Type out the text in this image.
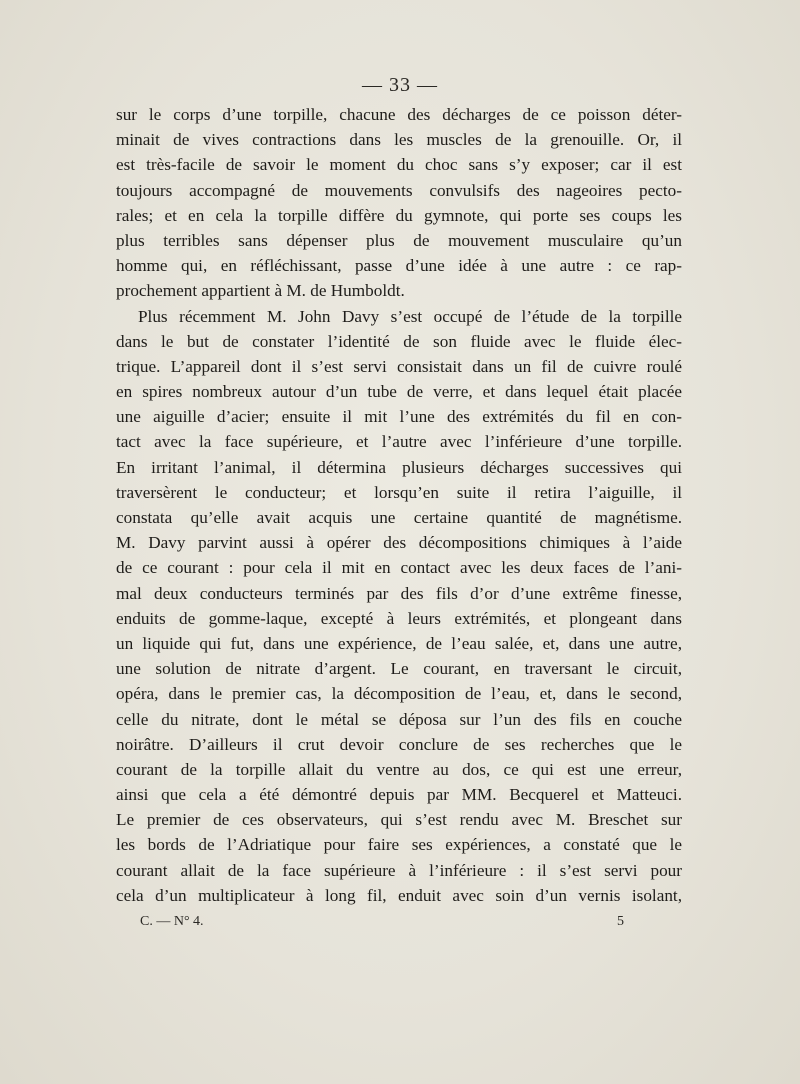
— 33 —
sur le corps d’une torpille, chacune des décharges de ce poisson déter-
minait de vives contractions dans les muscles de la grenouille. Or, il
est très-facile de savoir le moment du choc sans s’y exposer; car il est
toujours accompagné de mouvements convulsifs des nageoires pecto-
rales; et en cela la torpille diffère du gymnote, qui porte ses coups les
plus terribles sans dépenser plus de mouvement musculaire qu’un
homme qui, en réfléchissant, passe d’une idée à une autre : ce rap-
prochement appartient à M. de Humboldt.
Plus récemment M. John Davy s’est occupé de l’étude de la torpille
dans le but de constater l’identité de son fluide avec le fluide élec-
trique. L’appareil dont il s’est servi consistait dans un fil de cuivre roulé
en spires nombreux autour d’un tube de verre, et dans lequel était placée
une aiguille d’acier; ensuite il mit l’une des extrémités du fil en con-
tact avec la face supérieure, et l’autre avec l’inférieure d’une torpille.
En irritant l’animal, il détermina plusieurs décharges successives qui
traversèrent le conducteur; et lorsqu’en suite il retira l’aiguille, il
constata qu’elle avait acquis une certaine quantité de magnétisme.
M. Davy parvint aussi à opérer des décompositions chimiques à l’aide
de ce courant : pour cela il mit en contact avec les deux faces de l’ani-
mal deux conducteurs terminés par des fils d’or d’une extrême finesse,
enduits de gomme-laque, excepté à leurs extrémités, et plongeant dans
un liquide qui fut, dans une expérience, de l’eau salée, et, dans une autre,
une solution de nitrate d’argent. Le courant, en traversant le circuit,
opéra, dans le premier cas, la décomposition de l’eau, et, dans le second,
celle du nitrate, dont le métal se déposa sur l’un des fils en couche
noirâtre. D’ailleurs il crut devoir conclure de ses recherches que le
courant de la torpille allait du ventre au dos, ce qui est une erreur,
ainsi que cela a été démontré depuis par MM. Becquerel et Matteuci.
Le premier de ces observateurs, qui s’est rendu avec M. Breschet sur
les bords de l’Adriatique pour faire ses expériences, a constaté que le
courant allait de la face supérieure à l’inférieure : il s’est servi pour
cela d’un multiplicateur à long fil, enduit avec soin d’un vernis isolant,
C. — N° 4.	5
